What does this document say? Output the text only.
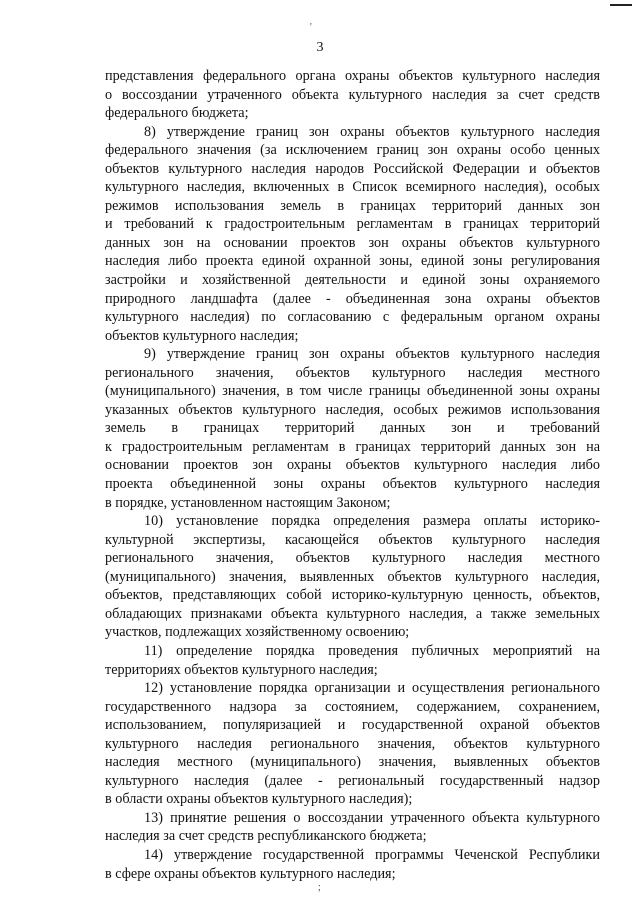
'
3
представления федерального органа охраны объектов культурного наследия
о воссоздании утраченного объекта культурного наследия за счет средств
федерального бюджета;
8) утверждение границ зон охраны объектов культурного наследия
федерального значения (за исключением границ зон охраны особо ценных
объектов культурного наследия народов Российской Федерации и объектов
культурного наследия, включенных в Список всемирного наследия), особых
режимов использования земель в границах территорий данных зон
и требований к градостроительным регламентам в границах территорий
данных зон на основании проектов зон охраны объектов культурного
наследия либо проекта единой охранной зоны, единой зоны регулирования
застройки и хозяйственной деятельности и единой зоны охраняемого
природного ландшафта (далее - объединенная зона охраны объектов
культурного наследия) по согласованию с федеральным органом охраны
объектов культурного наследия;
9) утверждение границ зон охраны объектов культурного наследия
регионального значения, объектов культурного наследия местного
(муниципального) значения, в том числе границы объединенной зоны охраны
указанных объектов культурного наследия, особых режимов использования
земель в границах территорий данных зон и требований
к градостроительным регламентам в границах территорий данных зон на
основании проектов зон охраны объектов культурного наследия либо
проекта объединенной зоны охраны объектов культурного наследия
в порядке, установленном настоящим Законом;
10) установление порядка определения размера оплаты историко-
культурной экспертизы, касающейся объектов культурного наследия
регионального значения, объектов культурного наследия местного
(муниципального) значения, выявленных объектов культурного наследия,
объектов, представляющих собой историко-культурную ценность, объектов,
обладающих признаками объекта культурного наследия, а также земельных
участков, подлежащих хозяйственному освоению;
11) определение порядка проведения публичных мероприятий на
территориях объектов культурного наследия;
12) установление порядка организации и осуществления регионального
государственного надзора за состоянием, содержанием, сохранением,
использованием, популяризацией и государственной охраной объектов
культурного наследия регионального значения, объектов культурного
наследия местного (муниципального) значения, выявленных объектов
культурного наследия (далее - региональный государственный надзор
в области охраны объектов культурного наследия);
13) принятие решения о воссоздании утраченного объекта культурного
наследия за счет средств республиканского бюджета;
14) утверждение государственной программы Чеченской Республики
в сфере охраны объектов культурного наследия;
;
